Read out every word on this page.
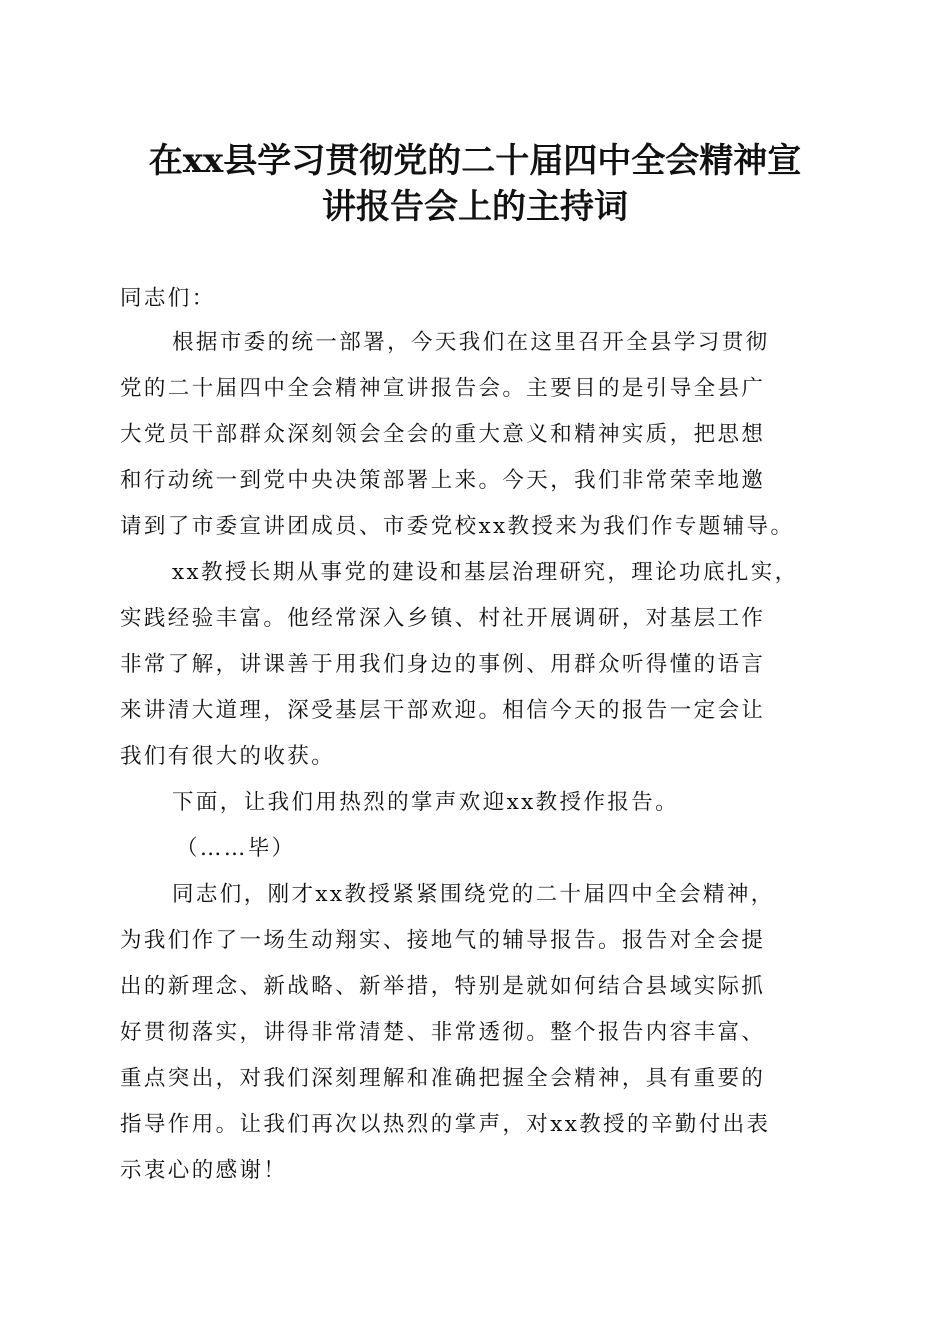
在xx县学习贯彻党的二十届四中全会精神宣
讲报告会上的主持词
同志们：
根据市委的统一部署，今天我们在这里召开全县学习贯彻
党的二十届四中全会精神宣讲报告会。主要目的是引导全县广
大党员干部群众深刻领会全会的重大意义和精神实质，把思想
和行动统一到党中央决策部署上来。今天，我们非常荣幸地邀
请到了市委宣讲团成员、市委党校xx教授来为我们作专题辅导。
xx教授长期从事党的建设和基层治理研究，理论功底扎实，
实践经验丰富。他经常深入乡镇、村社开展调研，对基层工作
非常了解，讲课善于用我们身边的事例、用群众听得懂的语言
来讲清大道理，深受基层干部欢迎。相信今天的报告一定会让
我们有很大的收获。
下面，让我们用热烈的掌声欢迎xx教授作报告。
（……毕）
同志们，刚才xx教授紧紧围绕党的二十届四中全会精神，
为我们作了一场生动翔实、接地气的辅导报告。报告对全会提
出的新理念、新战略、新举措，特别是就如何结合县域实际抓
好贯彻落实，讲得非常清楚、非常透彻。整个报告内容丰富、
重点突出，对我们深刻理解和准确把握全会精神，具有重要的
指导作用。让我们再次以热烈的掌声，对xx教授的辛勤付出表
示衷心的感谢！
